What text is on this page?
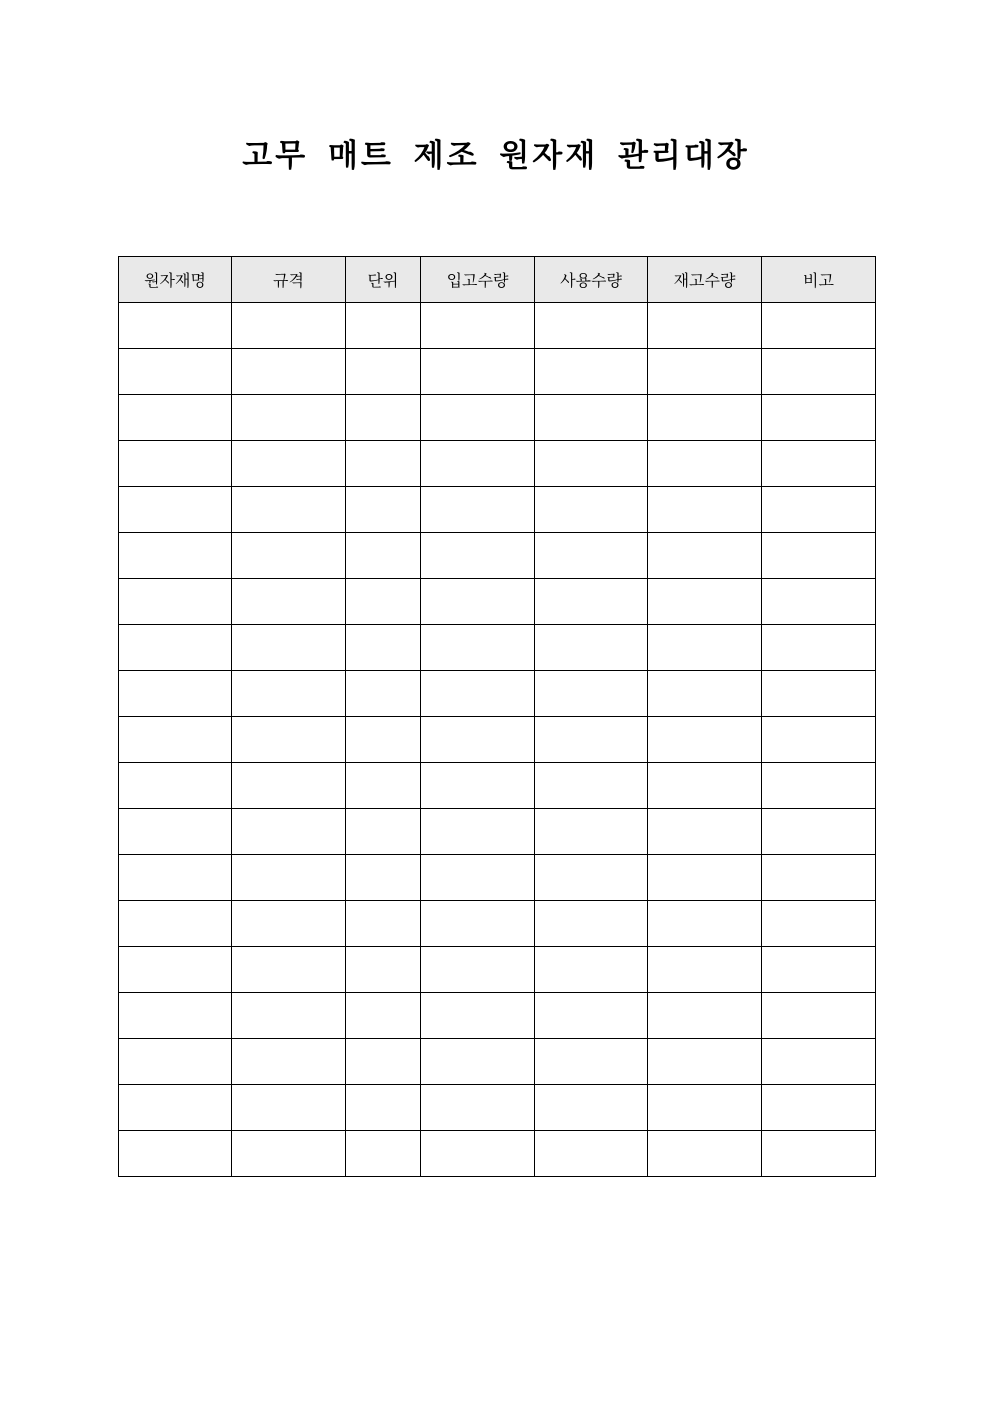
고무 매트 제조 원자재 관리대장
원자재명	규격	단위	입고수량	사용수량	재고수량	비고
